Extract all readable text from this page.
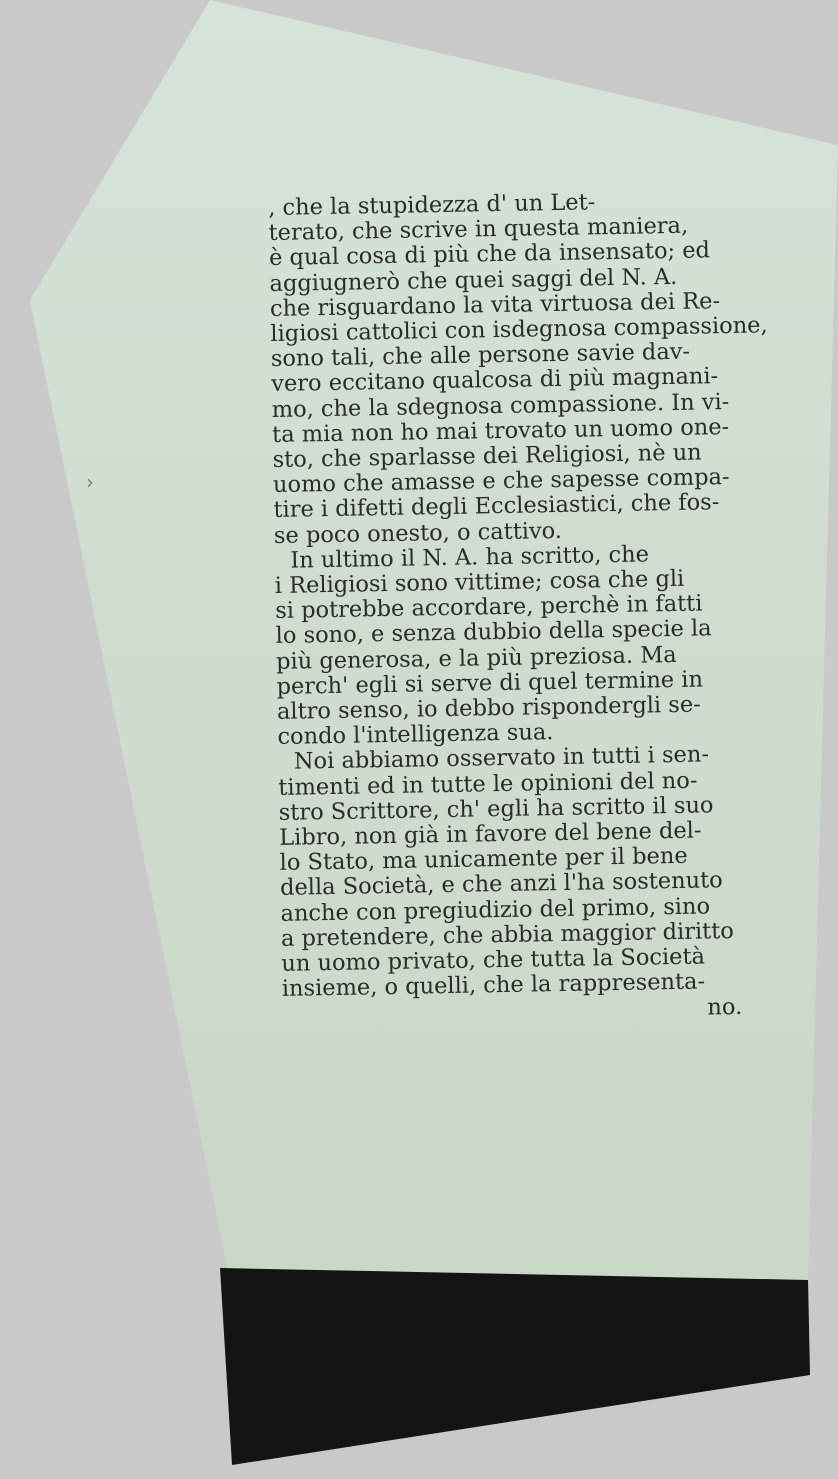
›
, che la stupidezza d' un Let-
terato, che scrive in questa maniera,
è qual cosa di più che da insensato; ed
aggiugnerò che quei saggi del N. A.
che risguardano la vita virtuosa dei Re-
ligiosi cattolici con isdegnosa compassione,
sono tali, che alle persone savie dav-
vero eccitano qualcosa di più magnani-
mo, che la sdegnosa compassione. In vi-
ta mia non ho mai trovato un uomo one-
sto, che sparlasse dei Religiosi, nè un
uomo che amasse e che sapesse compa-
tire i difetti degli Ecclesiastici, che fos-
se poco onesto, o cattivo.
In ultimo il N. A. ha scritto, che
i Religiosi sono vittime; cosa che gli
si potrebbe accordare, perchè in fatti
lo sono, e senza dubbio della specie la
più generosa, e la più preziosa. Ma
perch' egli si serve di quel termine in
altro senso, io debbo rispondergli se-
condo l'intelligenza sua.
Noi abbiamo osservato in tutti i sen-
timenti ed in tutte le opinioni del no-
stro Scrittore, ch' egli ha scritto il suo
Libro, non già in favore del bene del-
lo Stato, ma unicamente per il bene
della Società, e che anzi l'ha sostenuto
anche con pregiudizio del primo, sino
a pretendere, che abbia maggior diritto
un uomo privato, che tutta la Società
insieme, o quelli, che la rappresenta-
no.
